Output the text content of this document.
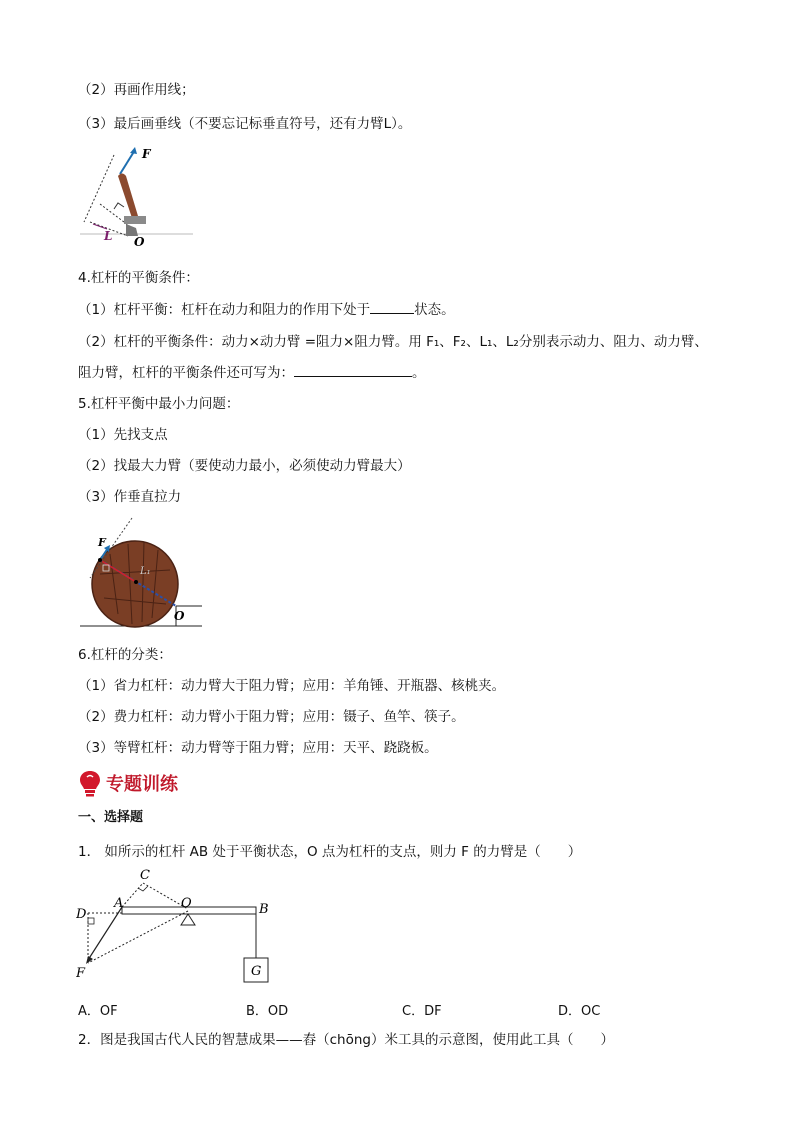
（2）再画作用线；
（3）最后画垂线（不要忘记标垂直符号，还有力臂L）。
F
L O
4.杠杆的平衡条件：
（1）杠杆平衡：杠杆在动力和阻力的作用下处于	状态。
（2）杠杆的平衡条件：动力×动力臂 =阻力×阻力臂。用 F₁、F₂、L₁、L₂分别表示动力、阻力、动力臂、
阻力臂，杠杆的平衡条件还可写为：	。
5.杠杆平衡中最小力问题：
（1）先找支点
（2）找最大力臂（要使动力最小，必须使动力臂最大）
（3）作垂直拉力
F
L₁
O
6.杠杆的分类：
（1）省力杠杆：动力臂大于阻力臂；应用：羊角锤、开瓶器、核桃夹。
（2）费力杠杆：动力臂小于阻力臂；应用：镊子、鱼竿、筷子。
（3）等臂杠杆：动力臂等于阻力臂；应用：天平、跷跷板。
专题训练
一、选择题
1． 如所示的杠杆 AB 处于平衡状态，O 点为杠杆的支点，则力 F 的力臂是（　　）
D
A
C
O	B
F	G
A．OF	B．OD	C．DF	D．OC
2．图是我国古代人民的智慧成果——舂（chōng）米工具的示意图，使用此工具（　　）
